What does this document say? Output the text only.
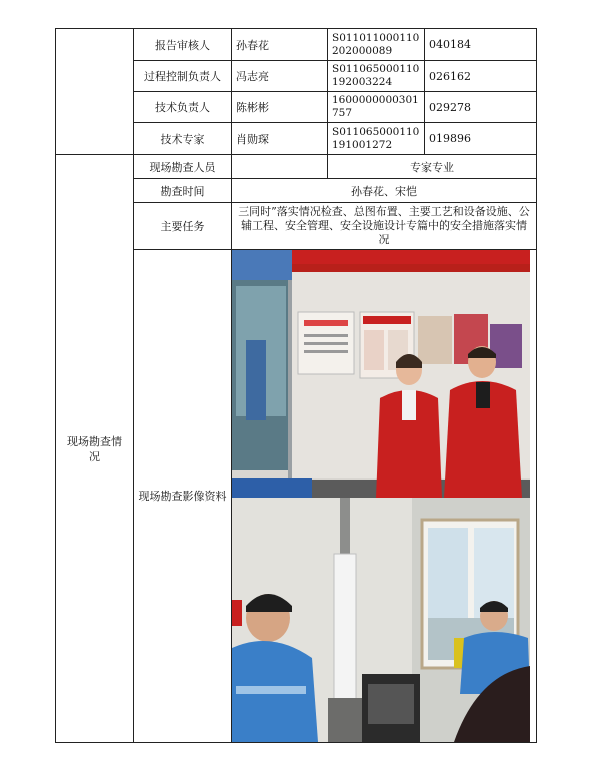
	报告审核人	孙春花	S011011000110202000089	040184
	过程控制负责人	冯志亮	S011065000110192003224	026162
	技术负责人	陈彬彬	1600000000301757	029278
	技术专家	肖勋琛	S011065000110191001272	019896
现场勘查情况	现场勘查人员		专家专业	
	勘查时间	孙春花、宋恺		
	主要任务	三同时”落实情况检查、总图布置、主要工艺和设备设施、公辅工程、安全管理、安全设施设计专篇中的安全措施落实情况		
	现场勘查影像资料	
